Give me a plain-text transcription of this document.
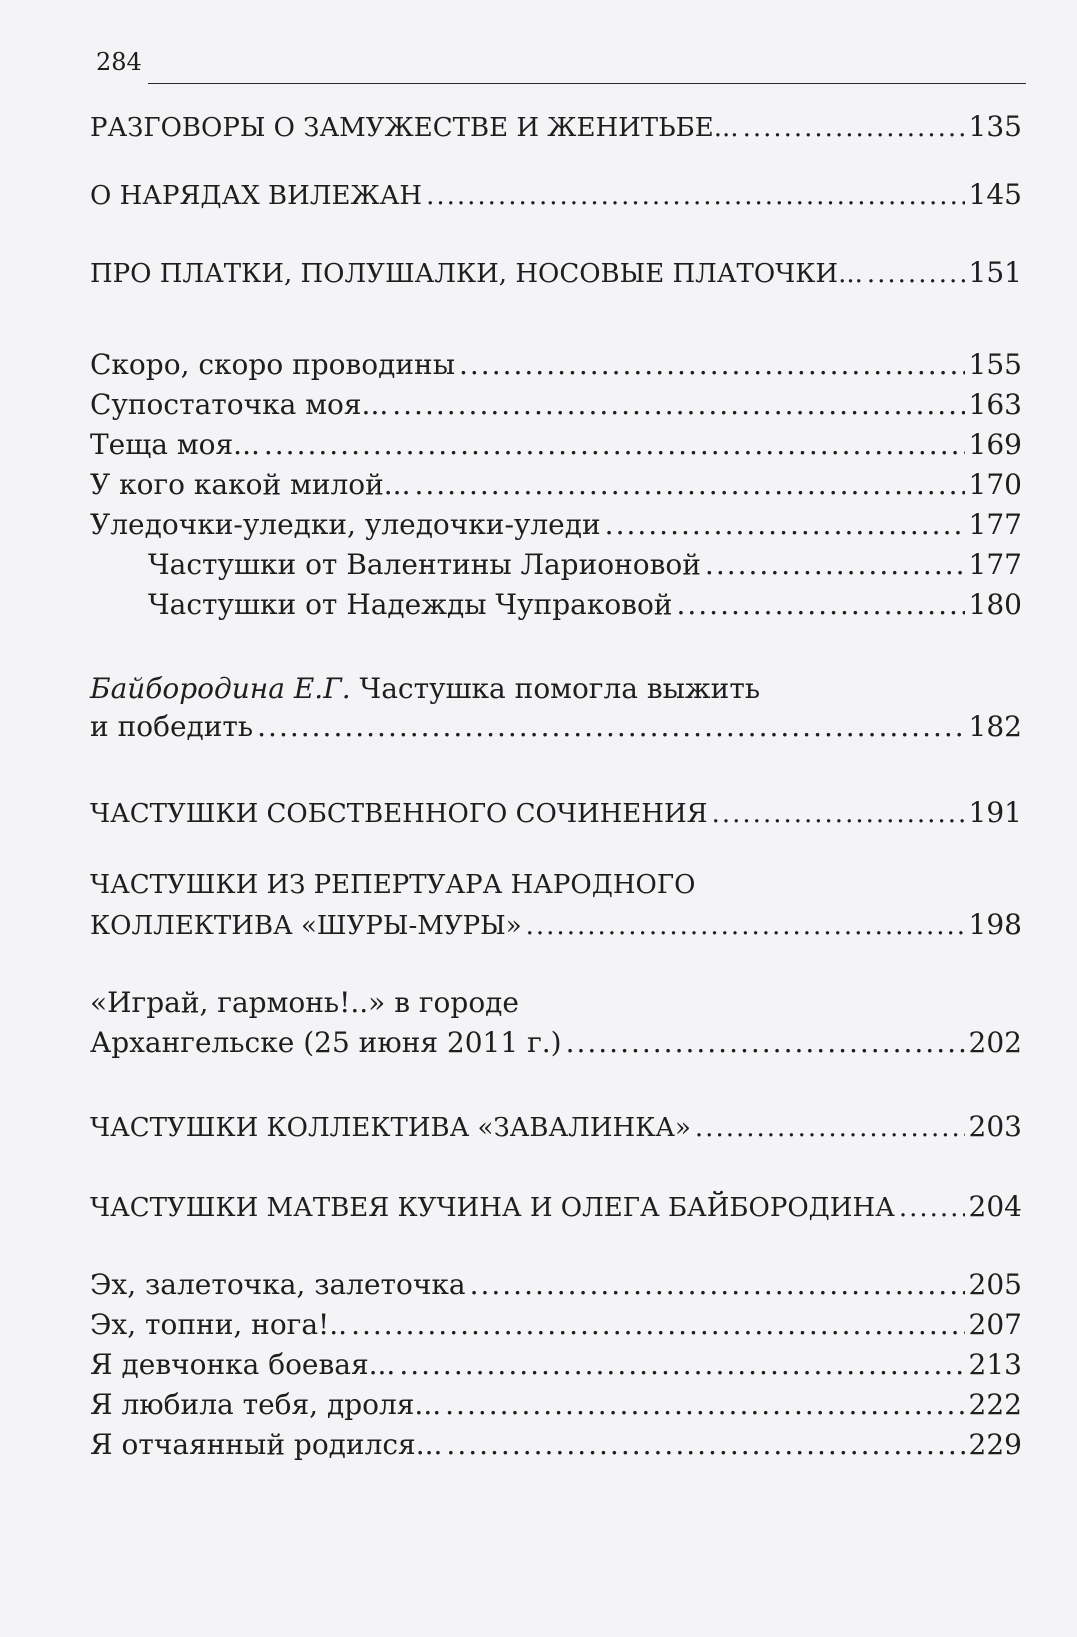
284
РАЗГОВОРЫ О ЗАМУЖЕСТВЕ И ЖЕНИТЬБЕ... .....	135
О НАРЯДАХ ВИЛЕЖАН .....	145
ПРО ПЛАТКИ, ПОЛУШАЛКИ, НОСОВЫЕ ПЛАТОЧКИ... .....	151
Скоро, скоро проводины .....	155
Супостаточка моя... .....	163
Теща моя... .....	169
У кого какой милой... .....	170
Уледочки-уледки, уледочки-уледи .....	177
Частушки от Валентины Ларионовой .....	177
Частушки от Надежды Чупраковой .....	180
Байбородина Е.Г. Частушка помогла выжить
и победить .....	182
ЧАСТУШКИ СОБСТВЕННОГО СОЧИНЕНИЯ .....	191
ЧАСТУШКИ ИЗ РЕПЕРТУАРА НАРОДНОГО
КОЛЛЕКТИВА «ШУРЫ-МУРЫ» .....	198
«Играй, гармонь!..» в городе
Архангельске (25 июня 2011 г.) .....	202
ЧАСТУШКИ КОЛЛЕКТИВА «ЗАВАЛИНКА» .....	203
ЧАСТУШКИ МАТВЕЯ КУЧИНА И ОЛЕГА БАЙБОРОДИНА .....	204
Эх, залеточка, залеточка .....	205
Эх, топни, нога!.. .....	207
Я девчонка боевая... .....	213
Я любила тебя, дроля... .....	222
Я отчаянный родился... .....	229
